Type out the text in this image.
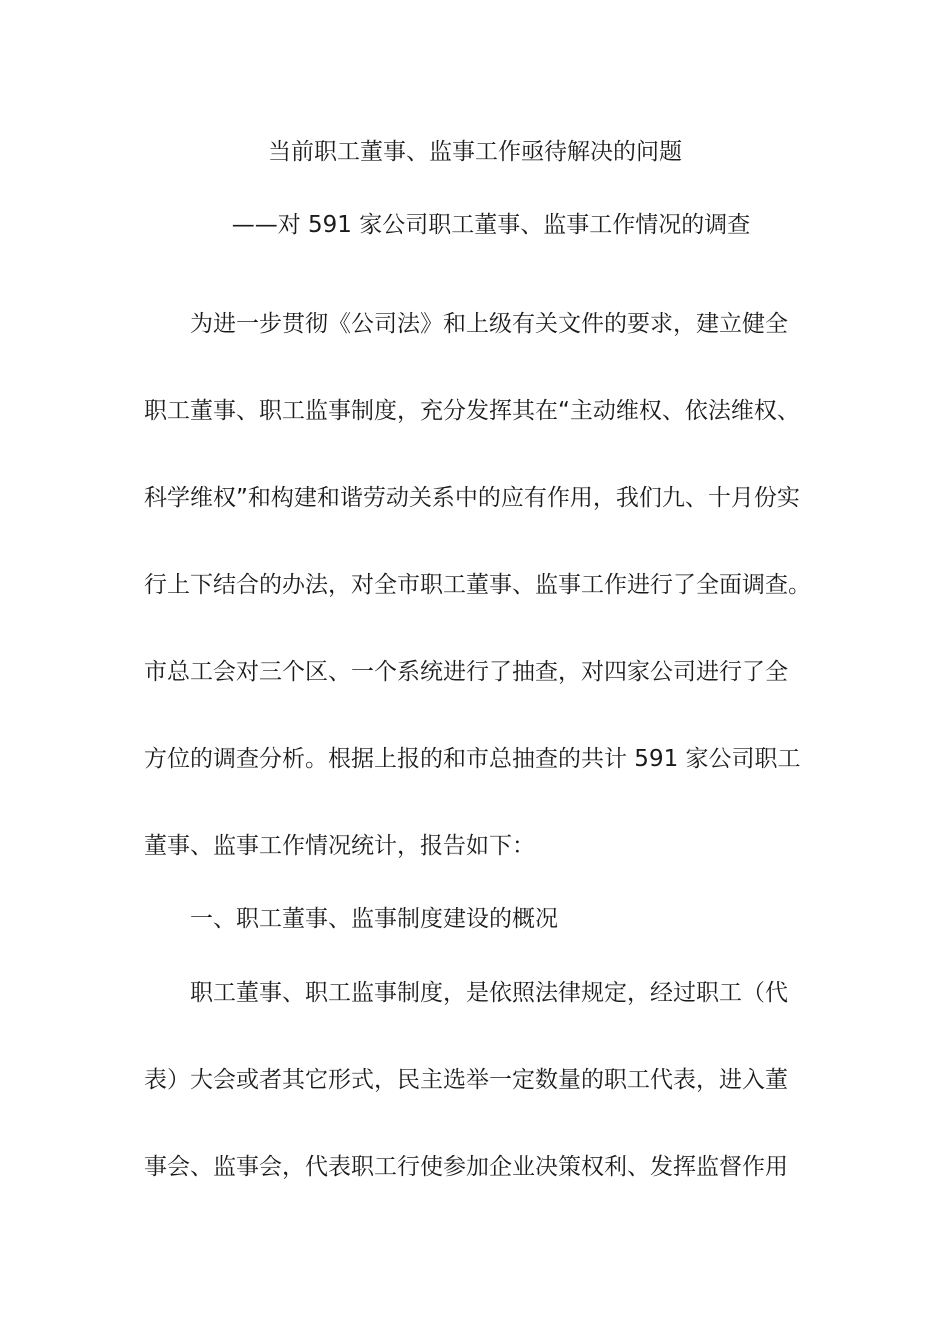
当前职工董事、监事工作亟待解决的问题
——对 591 家公司职工董事、监事工作情况的调查
为进一步贯彻《公司法》和上级有关文件的要求，建立健全
职工董事、职工监事制度，充分发挥其在“主动维权、依法维权、
科学维权”和构建和谐劳动关系中的应有作用，我们九、十月份实
行上下结合的办法，对全市职工董事、监事工作进行了全面调查。
市总工会对三个区、一个系统进行了抽查，对四家公司进行了全
方位的调查分析。根据上报的和市总抽查的共计 591 家公司职工
董事、监事工作情况统计，报告如下：
一、职工董事、监事制度建设的概况
职工董事、职工监事制度，是依照法律规定，经过职工（代
表）大会或者其它形式，民主选举一定数量的职工代表，进入董
事会、监事会，代表职工行使参加企业决策权利、发挥监督作用
